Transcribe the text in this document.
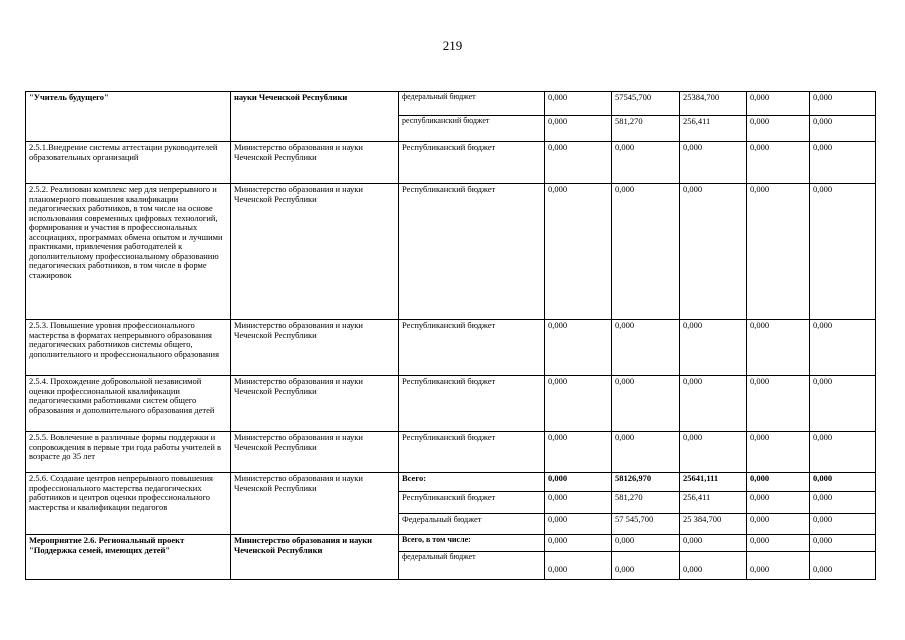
219
"Учитель будущего"	науки Чеченской Республики	федеральный бюджет	0,000	57545,700	25384,700	0,000	0,000
		республиканский бюджет	0,000	581,270	256,411	0,000	0,000
2.5.1.Внедрение системы аттестации руководителей образовательных организаций	Министерство образования и науки Чеченской Республики	Республиканский бюджет	0,000	0,000	0,000	0,000	0,000
2.5.2. Реализован комплекс мер для непрерывного и планомерного повышения квалификации педагогических работников, в том числе на основе использования современных цифровых технологий, формирования и участия в профессиональных ассоциациях, программах обмена опытом и лучшими практиками, привлечения работодателей к дополнительному профессиональному образованию педагогических работников, в том числе в форме стажировок	Министерство образования и науки Чеченской Республики	Республиканский бюджет	0,000	0,000	0,000	0,000	0,000
2.5.3. Повышение уровня профессионального мастерства в форматах непрерывного образования педагогических работников системы общего, дополнительного и профессионального образования	Министерство образования и науки Чеченской Республики	Республиканский бюджет	0,000	0,000	0,000	0,000	0,000
2.5.4. Прохождение добровольной независимой оценки профессиональной квалификации педагогическими работниками систем общего образования и дополнительного образования детей	Министерство образования и науки Чеченской Республики	Республиканский бюджет	0,000	0,000	0,000	0,000	0,000
2.5.5. Вовлечение в различные формы поддержки и сопровождения в первые три года работы учителей в возрасте до 35 лет	Министерство образования и науки Чеченской Республики	Республиканский бюджет	0,000	0,000	0,000	0,000	0,000
2.5.6. Создание центров непрерывного повышения профессионального мастерства педагогических работников и центров оценки профессионального мастерства и квалификации педагогов	Министерство образования и науки Чеченской Республики	Всего:	0,000	58126,970	25641,111	0,000	0,000
		Республиканский бюджет	0,000	581,270	256,411	0,000	0,000
		Федеральный бюджет	0,000	57 545,700	25 384,700	0,000	0,000
Мероприятие 2.6. Региональный проект "Поддержка семей, имеющих детей"	Министерство образования и науки Чеченской Республики	Всего, в том числе:	0,000	0,000	0,000	0,000	0,000
		федеральный бюджет	0,000	0,000	0,000	0,000	0,000
